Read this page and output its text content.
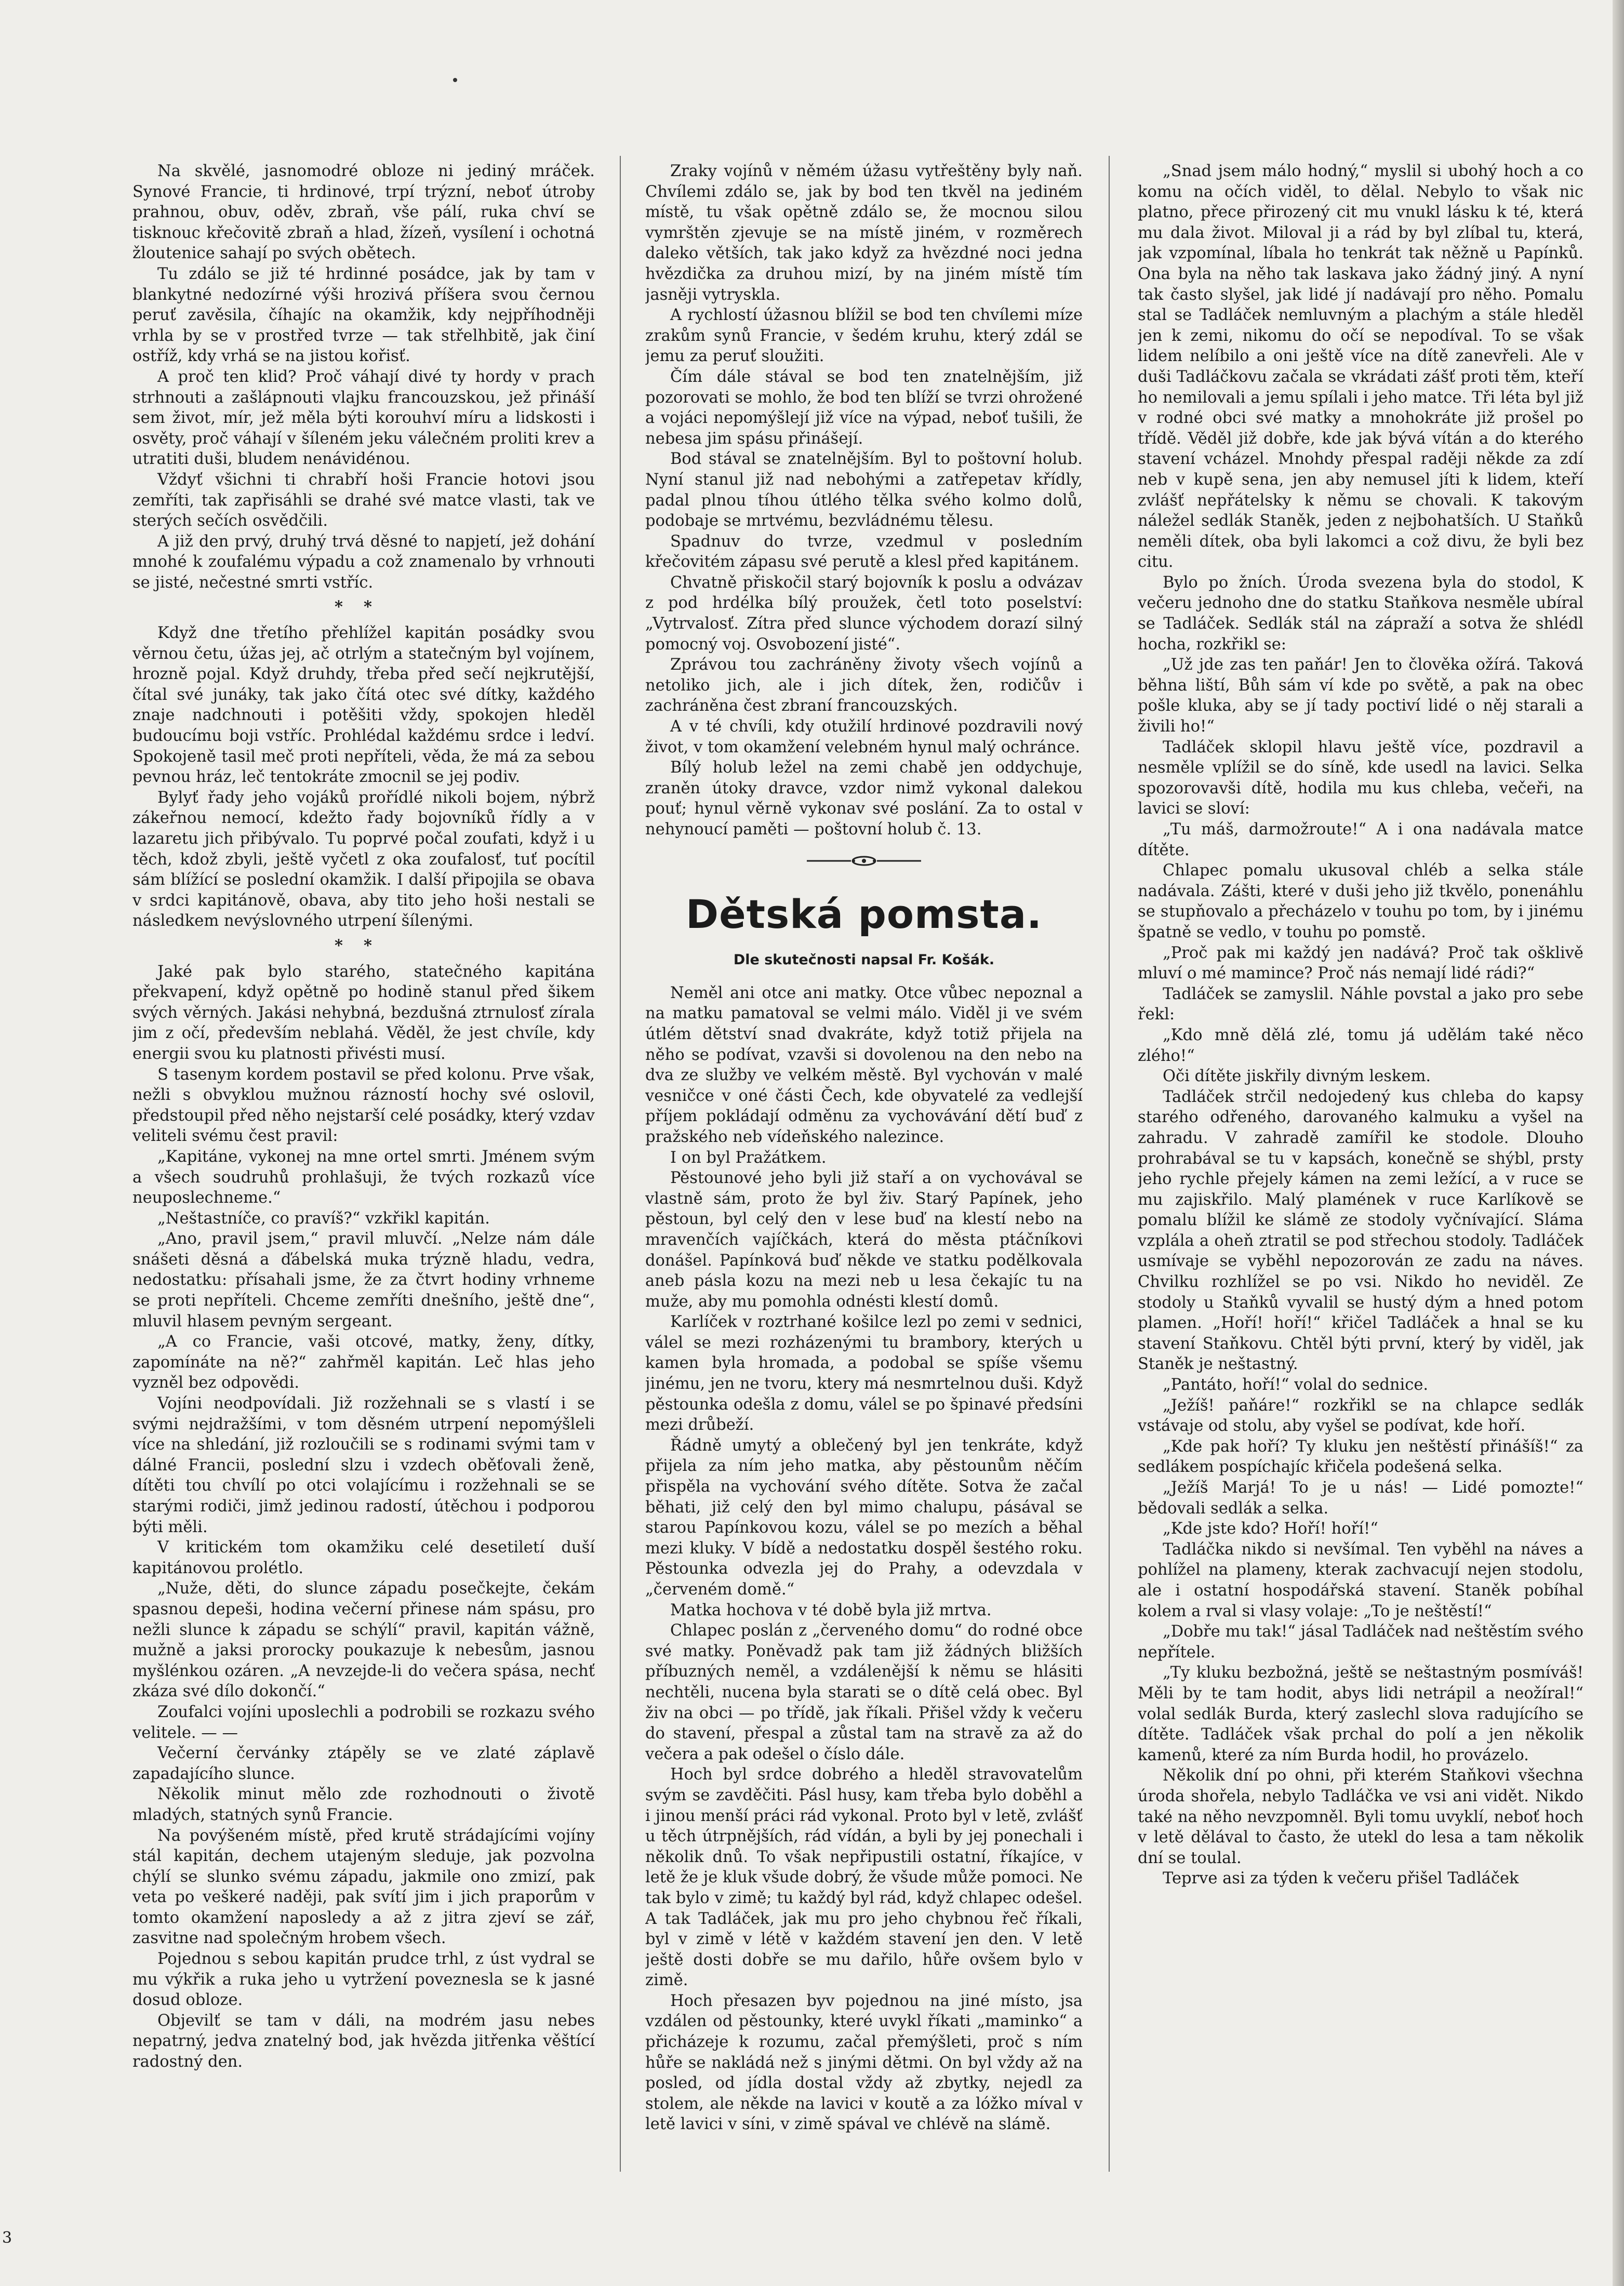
3

Na skvělé, jasnomodré obloze ni jediný mráček. Synové Francie, ti hrdinové, trpí trýzní, neboť útroby prahnou, obuv, oděv, zbraň, vše pálí, ruka chví se tisknouc křečovitě zbraň a hlad, žízeň, vysílení i ochotná žloutenice sahají po svých obětech.

Tu zdálo se již té hrdinné posádce, jak by tam v blankytné nedozírné výši hrozivá příšera svou černou peruť zavěsila, číhajíc na okamžik, kdy nejpříhodněji vrhla by se v prostřed tvrze — tak střelhbitě, jak činí ostříž, kdy vrhá se na jistou kořisť.

A proč ten klid? Proč váhají divé ty hordy v prach strhnouti a zašlápnouti vlajku francouzskou, jež přináší sem život, mír, jež měla býti korouhví míru a lidskosti i osvěty, proč váhají v šíleném jeku válečném proliti krev a utratiti duši, bludem nenávidénou.

Vždyť všichni ti chrabří hoši Francie hotovi jsou zemříti, tak zapřisáhli se drahé své matce vlasti, tak ve sterých sečích osvědčili.

A již den prvý, druhý trvá děsné to napjetí, jež dohání mnohé k zoufalému výpadu a což znamenalo by vrhnouti se jisté, nečestné smrti vstříc.

**

Když dne třetího přehlížel kapitán posádky svou věrnou četu, úžas jej, ač otrlým a statečným byl vojínem, hrozně pojal. Když druhdy, třeba před sečí nejkrutější, čítal své junáky, tak jako čítá otec své dítky, každého znaje nadchnouti i potěšiti vždy, spokojen hleděl budoucímu boji vstříc. Prohlédal každému srdce i ledví. Spokojeně tasil meč proti nepříteli, věda, že má za sebou pevnou hráz, leč tentokráte zmocnil se jej podiv.

Bylyť řady jeho vojáků prořídlé nikoli bojem, nýbrž zákeřnou nemocí, kdežto řady bojovníků řídly a v lazaretu jich přibývalo. Tu poprvé počal zoufati, když i u těch, kdož zbyli, ještě vyčetl z oka zoufalosť, tuť pocítil sám blížící se poslední okamžik. I další připojila se obava v srdci kapitánově, obava, aby tito jeho hoši nestali se následkem nevýslovného utrpení šílenými.

**

Jaké pak bylo starého, statečného kapitána překvapení, když opětně po hodině stanul před šikem svých věrných. Jakási nehybná, bezdušná ztrnulosť zírala jim z očí, především neblahá. Věděl, že jest chvíle, kdy energii svou ku platnosti přivésti musí.

S tasenym kordem postavil se před kolonu. Prve však, nežli s obvyklou mužnou rázností hochy své oslovil, předstoupil před něho nejstarší celé posádky, který vzdav veliteli svému čest pravil:

„Kapitáne, vykonej na mne ortel smrti. Jménem svým a všech soudruhů prohlašuji, že tvých rozkazů více neuposlechneme.“

„Neštastníče, co pravíš?“ vzkřikl kapitán.

„Ano, pravil jsem,“ pravil mluvčí. „Nelze nám dále snášeti děsná a ďábelská muka trýzně hladu, vedra, nedostatku: přísahali jsme, že za čtvrt hodiny vrhneme se proti nepříteli. Chceme zemříti dnešního, ještě dne“, mluvil hlasem pevným sergeant.

„A co Francie, vaši otcové, matky, ženy, dítky, zapomínáte na ně?“ zahřměl kapitán. Leč hlas jeho vyzněl bez odpovědi.

Vojíni neodpovídali. Již rozžehnali se s vlastí i se svými nejdražšími, v tom děsném utrpení nepomýšleli více na shledání, již rozloučili se s rodinami svými tam v dálné Francii, poslední slzu i vzdech oběťovali ženě, dítěti tou chvílí po otci volajícímu i rozžehnali se se starými rodiči, jimž jedinou radostí, útěchou i podporou býti měli.

V kritickém tom okamžiku celé desetiletí duší kapitánovou prolétlo.

„Nuže, děti, do slunce západu posečkejte, čekám spasnou depeši, hodina večerní přinese nám spásu, pro nežli slunce k západu se schýlí“ pravil, kapitán vážně, mužně a jaksi prorocky poukazuje k nebesům, jasnou myšlénkou ozáren. „A nevzejde-li do večera spása, nechť zkáza své dílo dokončí.“

Zoufalci vojíni uposlechli a podrobili se rozkazu svého velitele. — —

Večerní červánky ztápěly se ve zlaté záplavě zapadajícího slunce.

Několik minut mělo zde rozhodnouti o životě mladých, statných synů Francie.

Na povýšeném místě, před krutě strádajícími vojíny stál kapitán, dechem utajeným sleduje, jak pozvolna chýlí se slunko svému západu, jakmile ono zmizí, pak veta po veškeré naději, pak svítí jim i jich praporům v tomto okamžení naposledy a až z jitra zjeví se zář, zasvitne nad společným hrobem všech.

Pojednou s sebou kapitán prudce trhl, z úst vydral se mu výkřik a ruka jeho u vytržení poveznesla se k jasné dosud obloze.

Objevilť se tam v dáli, na modrém jasu nebes nepatrný, jedva znatelný bod, jak hvězda jitřenka věštící radostný den.

Zraky vojínů v němém úžasu vytřeštěny byly naň. Chvílemi zdálo se, jak by bod ten tkvěl na jediném místě, tu však opětně zdálo se, že mocnou silou vymrštěn zjevuje se na místě jiném, v rozměrech daleko větších, tak jako když za hvězdné noci jedna hvězdička za druhou mizí, by na jiném místě tím jasněji vytryskla.

A rychlostí úžasnou blížil se bod ten chvílemi míze zrakům synů Francie, v šedém kruhu, který zdál se jemu za peruť sloužiti.

Čím dále stával se bod ten znatelnějším, již pozorovati se mohlo, že bod ten blíží se tvrzi ohrožené a vojáci nepomýšlejí již více na výpad, neboť tušili, že nebesa jim spásu přinášejí.

Bod stával se znatelnějším. Byl to poštovní holub. Nyní stanul již nad nebohými a zatřepetav křídly, padal plnou tíhou útlého tělka svého kolmo dolů, podobaje se mrtvému, bezvládnému tělesu.

Spadnuv do tvrze, vzedmul v posledním křečovitém zápasu své perutě a klesl před kapitánem.

Chvatně přiskočil starý bojovník k poslu a odvázav z pod hrdélka bílý proužek, četl toto poselství: „Vytrvalosť. Zítra před slunce východem dorazí silný pomocný voj. Osvobození jisté“.

Zprávou tou zachráněny životy všech vojínů a netoliko jich, ale i jich dítek, žen, rodičův i zachráněna čest zbraní francouzských.

A v té chvíli, kdy otužilí hrdinové pozdravili nový život, v tom okamžení velebném hynul malý ochránce.

Bílý holub ležel na zemi chabě jen oddychuje, zraněn útoky dravce, vzdor nimž vykonal dalekou pouť; hynul věrně vykonav své poslání. Za to ostal v nehynoucí paměti — poštovní holub č. 13.

Dětská pomsta.
Dle skutečnosti napsal Fr. Košák.

Neměl ani otce ani matky. Otce vůbec nepoznal a na matku pamatoval se velmi málo. Viděl ji ve svém útlém dětství snad dvakráte, když totiž přijela na něho se podívat, vzavši si dovolenou na den nebo na dva ze služby ve velkém městě. Byl vychován v malé vesničce v oné části Čech, kde obyvatelé za vedlejší příjem pokládají odměnu za vychovávání dětí buď z pražského neb vídeňského nalezince.

I on byl Pražátkem.

Pěstounové jeho byli již staří a on vychovával se vlastně sám, proto že byl živ. Starý Papínek, jeho pěstoun, byl celý den v lese buď na klestí nebo na mravenčích vajíčkách, která do města ptáčníkovi donášel. Papínková buď někde ve statku podělkovala aneb pásla kozu na mezi neb u lesa čekajíc tu na muže, aby mu pomohla odnésti klestí domů.

Karlíček v roztrhané košilce lezl po zemi v sednici, válel se mezi rozházenými tu brambory, kterých u kamen byla hromada, a podobal se spíše všemu jinému, jen ne tvoru, ktery má nesmrtelnou duši. Když pěstounka odešla z domu, válel se po špinavé předsíni mezi drůbeží.

Řádně umytý a oblečený byl jen tenkráte, když přijela za ním jeho matka, aby pěstounům něčím přispěla na vychování svého dítěte. Sotva že začal běhati, již celý den byl mimo chalupu, pásával se starou Papínkovou kozu, válel se po mezích a běhal mezi kluky. V bídě a nedostatku dospěl šestého roku. Pěstounka odvezla jej do Prahy, a odevzdala v „červeném domě.“

Matka hochova v té době byla již mrtva.

Chlapec poslán z „červeného domu“ do rodné obce své matky. Poněvadž pak tam již žádných bližších příbuzných neměl, a vzdálenější k němu se hlásiti nechtěli, nucena byla starati se o dítě celá obec. Byl živ na obci — po třídě, jak říkali. Přišel vždy k večeru do stavení, přespal a zůstal tam na stravě za až do večera a pak odešel o číslo dále.

Hoch byl srdce dobrého a hleděl stravovatelům svým se zavděčiti. Pásl husy, kam třeba bylo doběhl a i jinou menší práci rád vykonal. Proto byl v letě, zvlášť u těch útrpnějších, rád vídán, a byli by jej ponechali i několik dnů. To však nepřipustili ostatní, říkajíce, v letě že je kluk všude dobrý, že všude může pomoci. Ne tak bylo v zimě; tu každý byl rád, když chlapec odešel. A tak Tadláček, jak mu pro jeho chybnou řeč říkali, byl v zimě v létě v každém stavení jen den. V letě ještě dosti dobře se mu dařilo, hůře ovšem bylo v zimě.

Hoch přesazen byv pojednou na jiné místo, jsa vzdálen od pěstounky, které uvykl říkati „maminko“ a přicházeje k rozumu, začal přemýšleti, proč s ním hůře se nakládá než s jinými dětmi. On byl vždy až na posled, od jídla dostal vždy až zbytky, nejedl za stolem, ale někde na lavici v koutě a za lóžko míval v letě lavici v síni, v zimě spával ve chlévě na slámě.

„Snad jsem málo hodný,“ myslil si ubohý hoch a co komu na očích viděl, to dělal. Nebylo to však nic platno, přece přirozený cit mu vnukl lásku k té, která mu dala život. Miloval ji a rád by byl zlíbal tu, která, jak vzpomínal, líbala ho tenkrát tak něžně u Papínků. Ona byla na něho tak laskava jako žádný jiný. A nyní tak často slyšel, jak lidé jí nadávají pro něho. Pomalu stal se Tadláček nemluvným a plachým a stále hleděl jen k zemi, nikomu do očí se nepodíval. To se však lidem nelíbilo a oni ještě více na dítě zanevřeli. Ale v duši Tadláčkovu začala se vkrádati zášť proti těm, kteří ho nemilovali a jemu spílali i jeho matce. Tři léta byl již v rodné obci své matky a mnohokráte již prošel po třídě. Věděl již dobře, kde jak bývá vítán a do kterého stavení vcházel. Mnohdy přespal raději někde za zdí neb v kupě sena, jen aby nemusel jíti k lidem, kteří zvlášť nepřátelsky k němu se chovali. K takovým náležel sedlák Staněk, jeden z nejbohatších. U Staňků neměli dítek, oba byli lakomci a což divu, že byli bez citu.

Bylo po žních. Úroda svezena byla do stodol, K večeru jednoho dne do statku Staňkova nesměle ubíral se Tadláček. Sedlák stál na zápraží a sotva že shlédl hocha, rozkřikl se:

„Už jde zas ten paňár! Jen to člověka ožírá. Taková běhna liští, Bůh sám ví kde po světě, a pak na obec pošle kluka, aby se jí tady poctiví lidé o něj starali a živili ho!“

Tadláček sklopil hlavu ještě více, pozdravil a nesměle vplížil se do síně, kde usedl na lavici. Selka spozorovavši dítě, hodila mu kus chleba, večeři, na lavici se sloví:

„Tu máš, darmožroute!“ A i ona nadávala matce dítěte.

Chlapec pomalu ukusoval chléb a selka stále nadávala. Zášti, které v duši jeho již tkvělo, ponenáhlu se stupňovalo a přecházelo v touhu po tom, by i jinému špatně se vedlo, v touhu po pomstě.

„Proč pak mi každý jen nadává? Proč tak ošklivě mluví o mé mamince? Proč nás nemají lidé rádi?“

Tadláček se zamyslil. Náhle povstal a jako pro sebe řekl:

„Kdo mně dělá zlé, tomu já udělám také něco zlého!“

Oči dítěte jiskřily divným leskem.

Tadláček strčil nedojedený kus chleba do kapsy starého odřeného, darovaného kalmuku a vyšel na zahradu. V zahradě zamířil ke stodole. Dlouho prohrabával se tu v kapsách, konečně se shýbl, prsty jeho rychle přejely kámen na zemi ležící, a v ruce se mu zajiskřilo. Malý plamének v ruce Karlíkově se pomalu blížil ke slámě ze stodoly vyčnívající. Sláma vzplála a oheň ztratil se pod střechou stodoly. Tadláček usmívaje se vyběhl nepozorován ze zadu na náves. Chvilku rozhlížel se po vsi. Nikdo ho neviděl. Ze stodoly u Staňků vyvalil se hustý dým a hned potom plamen. „Hoří! hoří!“ křičel Tadláček a hnal se ku stavení Staňkovu. Chtěl býti první, který by viděl, jak Staněk je neštastný.

„Pantáto, hoří!“ volal do sednice.

„Ježíš! paňáre!“ rozkřikl se na chlapce sedlák vstávaje od stolu, aby vyšel se podívat, kde hoří.

„Kde pak hoří? Ty kluku jen neštěstí přinášíš!“ za sedlákem pospíchajíc křičela podešená selka.

„Ježíš Marjá! To je u nás! — Lidé pomozte!“ bědovali sedlák a selka.

„Kde jste kdo? Hoří! hoří!“

Tadláčka nikdo si nevšímal. Ten vyběhl na náves a pohlížel na plameny, kterak zachvacují nejen stodolu, ale i ostatní hospodářská stavení. Staněk pobíhal kolem a rval si vlasy volaje: „To je neštěstí!“

„Dobře mu tak!“ jásal Tadláček nad neštěstím svého nepřítele.

„Ty kluku bezbožná, ještě se neštastným posmíváš! Měli by te tam hodit, abys lidi netrápil a neožíral!“ volal sedlák Burda, který zaslechl slova radujícího se dítěte. Tadláček však prchal do polí a jen několik kamenů, které za ním Burda hodil, ho provázelo.

Několik dní po ohni, při kterém Staňkovi všechna úroda shořela, nebylo Tadláčka ve vsi ani vidět. Nikdo také na něho nevzpomněl. Byli tomu uvyklí, neboť hoch v letě dělával to často, že utekl do lesa a tam několik dní se toulal.

Teprve asi za týden k večeru přišel Tadláček
